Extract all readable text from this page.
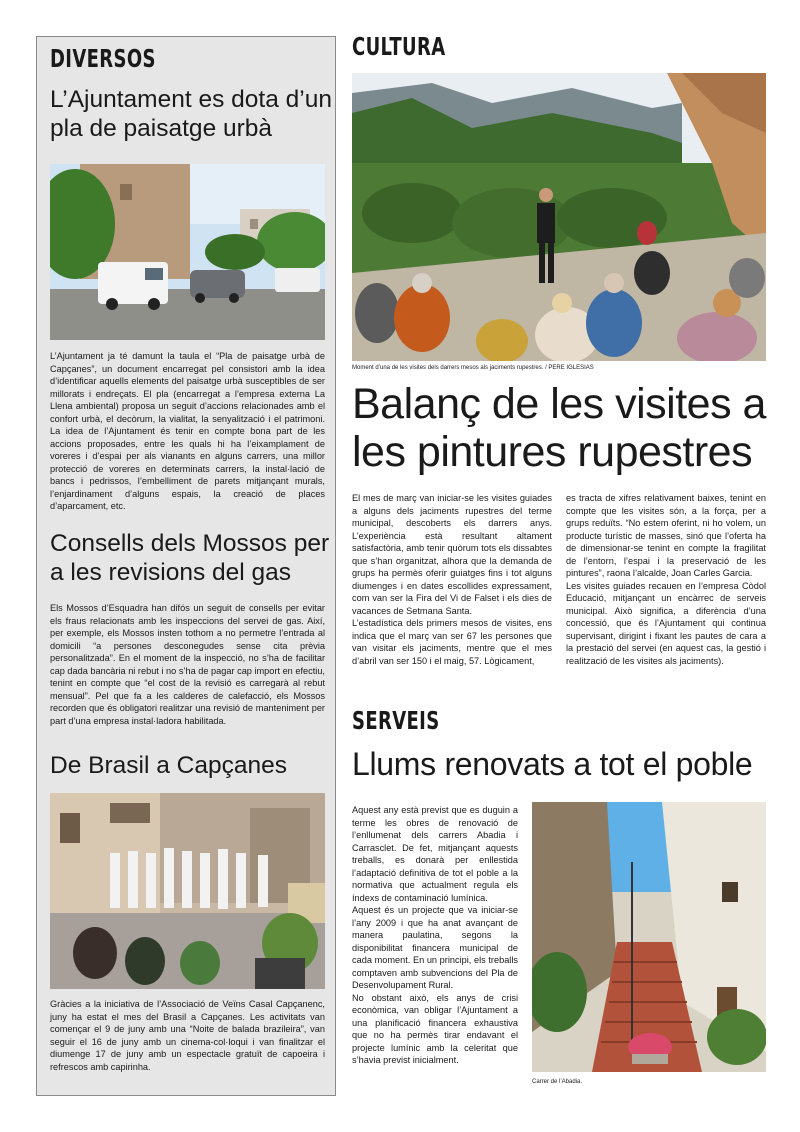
DIVERSOS
L’Ajuntament es dota d’un pla de paisatge urbà

L’Ajuntament ja té damunt la taula el “Pla de paisatge urbà de Capçanes”, un document encarregat pel consistori amb la idea d’identificar aquells elements del paisatge urbà susceptibles de ser millorats i endreçats. El pla (encarregat a l’empresa externa La Llena ambiental) proposa un seguit d’accions relacionades amb el confort urbà, el decòrum, la vialitat, la senyalització i el patrimoni. La idea de l’Ajuntament és tenir en compte bona part de les accions proposades, entre les quals hi ha l’eixamplament de voreres i d’espai per als vianants en alguns carrers, una millor protecció de voreres en determinats carrers, la instal·lació de bancs i pedrissos, l’embelliment de parets mitjançant murals, l’enjardinament d’alguns espais, la creació de places d’aparcament, etc.

Consells dels Mossos per a les revisions del gas

Els Mossos d’Esquadra han difós un seguit de consells per evitar els fraus relacionats amb les inspeccions del servei de gas. Així, per exemple, els Mossos insten tothom a no permetre l’entrada al domicili “a persones desconegudes sense cita prèvia personalitzada”. En el moment de la inspecció, no s’ha de facilitar cap dada bancària ni rebut i no s’ha de pagar cap import en efectiu, tenint en compte que “el cost de la revisió es carregarà al rebut mensual”. Pel que fa a les calderes de calefacció, els Mossos recorden que és obligatori realitzar una revisió de manteniment per part d’una empresa instal·ladora habilitada.

De Brasil a Capçanes

Gràcies a la iniciativa de l’Associació de Veïns Casal Capçanenc, juny ha estat el mes del Brasil a Capçanes. Les activitats van començar el 9 de juny amb una “Noite de balada brazileira”, van seguir el 16 de juny amb un cinema-col·loqui i van finalitzar el diumenge 17 de juny amb un espectacle gratuït de capoeira i refrescos amb capirinha.

CULTURA
Moment d’una de les visites dels darrers mesos als jaciments rupestres. / PERE IGLESIAS
Balanç de les visites a les pintures rupestres

El mes de març van iniciar-se les visites guiades a alguns dels jaciments rupestres del terme municipal, descoberts els darrers anys. L’experiència està resultant altament satisfactòria, amb tenir quòrum tots els dissabtes que s’han organitzat, alhora que la demanda de grups ha permès oferir guiatges fins i tot alguns diumenges i en dates escollides expressament, com van ser la Fira del Vi de Falset i els dies de vacances de Setmana Santa.

L’estadística dels primers mesos de visites, ens indica que el març van ser 67 les persones que van visitar els jaciments, mentre que el mes d’abril van ser 150 i el maig, 57. Lògicament,

es tracta de xifres relativament baixes, tenint en compte que les visites són, a la força, per a grups reduïts. “No estem oferint, ni ho volem, un producte turístic de masses, sinó que l’oferta ha de dimensionar-se tenint en compte la fragilitat de l’entorn, l’espai i la preservació de les pintures”, raona l’alcalde, Joan Carles Garcia.

Les visites guiades recauen en l’empresa Còdol Educació, mitjançant un encàrrec de serveis municipal. Això significa, a diferència d’una concessió, que és l’Ajuntament qui continua supervisant, dirigint i fixant les pautes de cara a la prestació del servei (en aquest cas, la gestió i realització de les visites als jaciments).

SERVEIS
Llums renovats a tot el poble

Aquest any està previst que es duguin a terme les obres de renovació de l’enllumenat dels carrers Abadia i Carrasclet. De fet, mitjançant aquests treballs, es donarà per enllestida l’adaptació definitiva de tot el poble a la normativa que actualment regula els índexs de contaminació lumínica.

Aquest és un projecte que va iniciar-se l’any 2009 i que ha anat avançant de manera paulatina, segons la disponibilitat financera municipal de cada moment. En un principi, els treballs comptaven amb subvencions del Pla de Desenvolupament Rural.

No obstant això, els anys de crisi econòmica, van obligar l’Ajuntament a una planificació financera exhaustiva que no ha permès tirar endavant el projecte lumínic amb la celeritat que s’havia previst inicialment.

Carrer de l’Abadia.
